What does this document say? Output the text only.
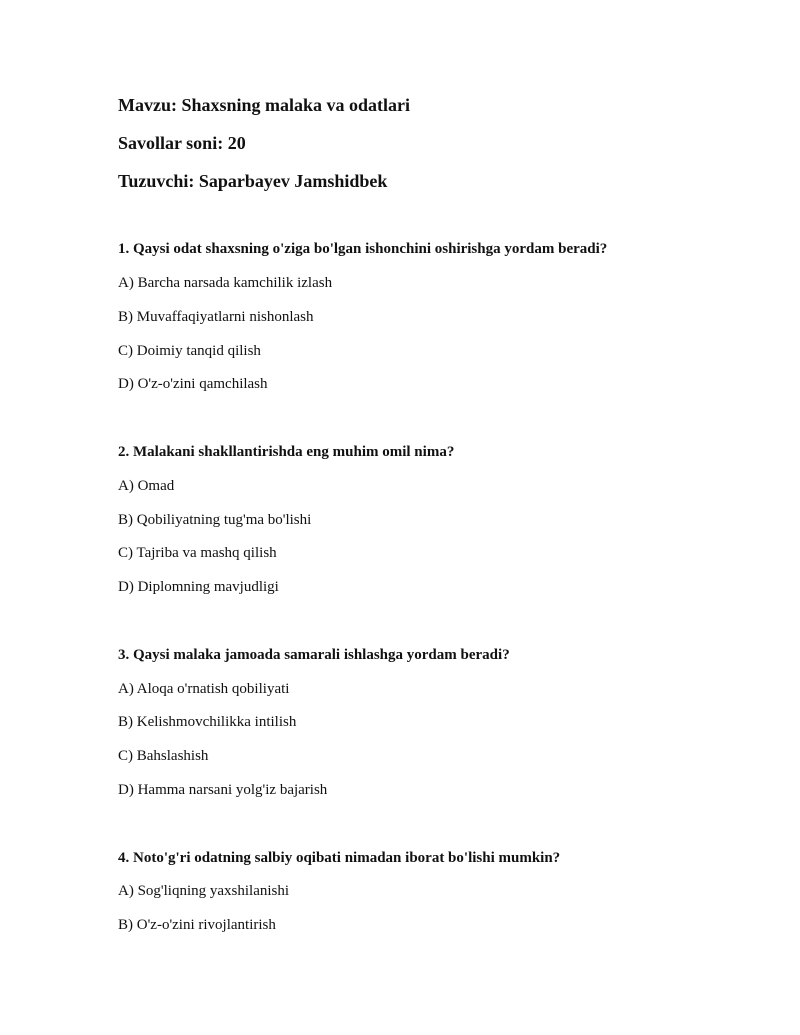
Mavzu: Shaxsning malaka va odatlari
Savollar soni: 20
Tuzuvchi: Saparbayev Jamshidbek
1. Qaysi odat shaxsning o'ziga bo'lgan ishonchini oshirishga yordam beradi?
A) Barcha narsada kamchilik izlash
B) Muvaffaqiyatlarni nishonlash
C) Doimiy tanqid qilish
D) O'z-o'zini qamchilash
2. Malakani shakllantirishda eng muhim omil nima?
A) Omad
B) Qobiliyatning tug'ma bo'lishi
C) Tajriba va mashq qilish
D) Diplomning mavjudligi
3. Qaysi malaka jamoada samarali ishlashga yordam beradi?
A) Aloqa o'rnatish qobiliyati
B) Kelishmovchilikka intilish
C) Bahslashish
D) Hamma narsani yolg'iz bajarish
4. Noto'g'ri odatning salbiy oqibati nimadan iborat bo'lishi mumkin?
A) Sog'liqning yaxshilanishi
B) O'z-o'zini rivojlantirish
